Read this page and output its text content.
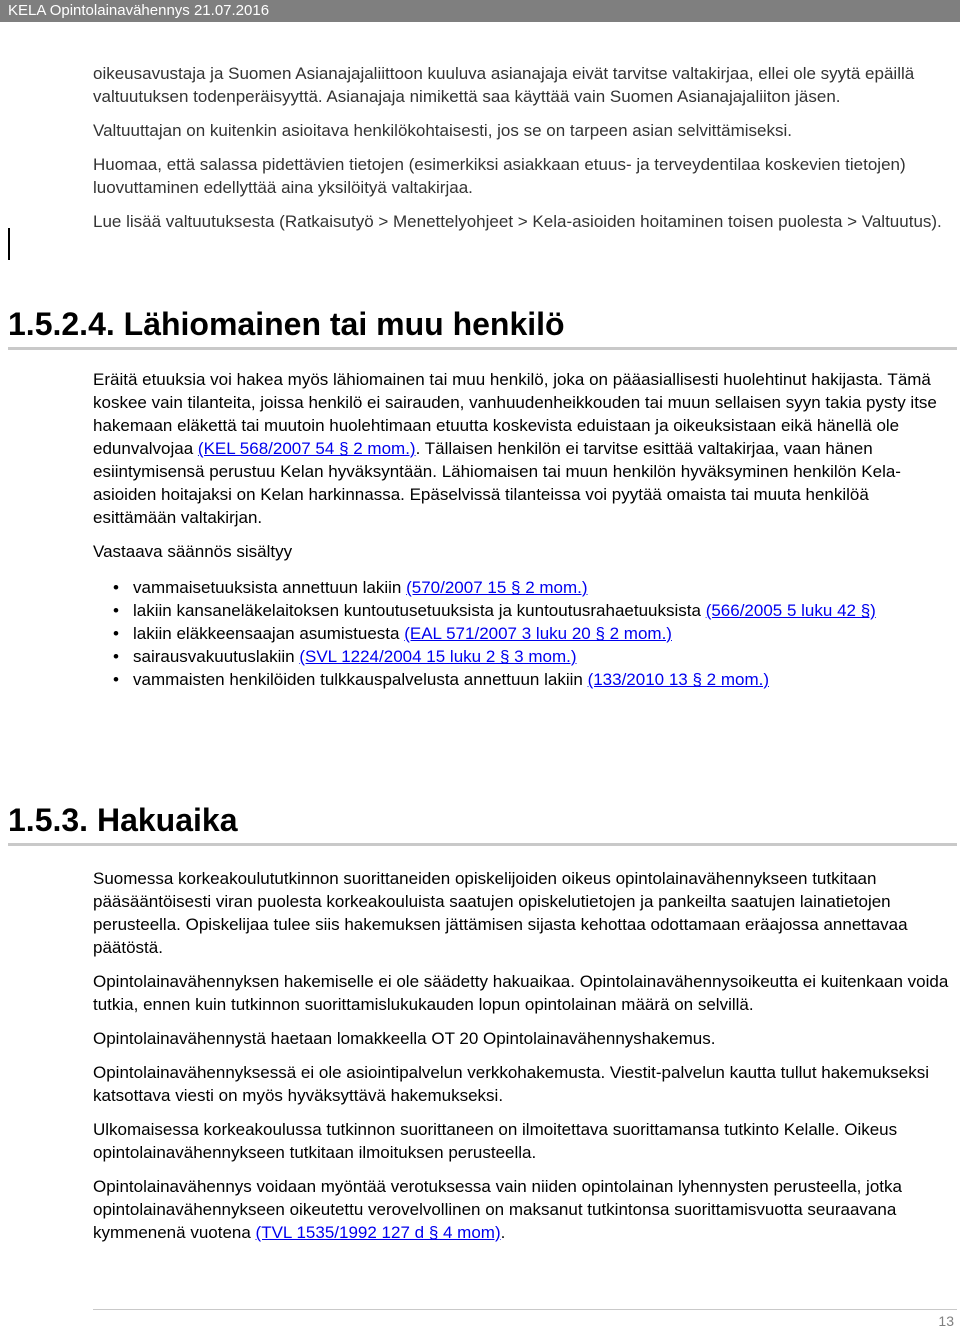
KELA Opintolainavähennys 21.07.2016

oikeusavustaja ja Suomen Asianajajaliittoon kuuluva asianajaja eivät tarvitse valtakirjaa, ellei ole syytä epäillä valtuutuksen todenperäisyyttä. Asianajaja nimikettä saa käyttää vain Suomen Asianajajaliiton jäsen.

Valtuuttajan on kuitenkin asioitava henkilökohtaisesti, jos se on tarpeen asian selvittämiseksi.

Huomaa, että salassa pidettävien tietojen (esimerkiksi asiakkaan etuus- ja terveydentilaa koskevien tietojen) luovuttaminen edellyttää aina yksilöityä valtakirjaa.

Lue lisää valtuutuksesta (Ratkaisutyö > Menettelyohjeet > Kela-asioiden hoitaminen toisen puolesta > Valtuutus).

1.5.2.4. Lähiomainen tai muu henkilö

Eräitä etuuksia voi hakea myös lähiomainen tai muu henkilö, joka on pääasiallisesti huolehtinut hakijasta. Tämä koskee vain tilanteita, joissa henkilö ei sairauden, vanhuudenheikkouden tai muun sellaisen syyn takia pysty itse hakemaan eläkettä tai muutoin huolehtimaan etuutta koskevista eduistaan ja oikeuksistaan eikä hänellä ole edunvalvojaa (KEL 568/2007 54 § 2 mom.). Tällaisen henkilön ei tarvitse esittää valtakirjaa, vaan hänen esiintymisensä perustuu Kelan hyväksyntään. Lähiomaisen tai muun henkilön hyväksyminen henkilön Kela-asioiden hoitajaksi on Kelan harkinnassa. Epäselvissä tilanteissa voi pyytää omaista tai muuta henkilöä esittämään valtakirjan.

Vastaava säännös sisältyy

• vammaisetuuksista annettuun lakiin (570/2007 15 § 2 mom.)
• lakiin kansaneläkelaitoksen kuntoutusetuuksista ja kuntoutusrahaetuuksista (566/2005 5 luku 42 §)
• lakiin eläkkeensaajan asumistuesta (EAL 571/2007 3 luku 20 § 2 mom.)
• sairausvakuutuslakiin (SVL 1224/2004 15 luku 2 § 3 mom.)
• vammaisten henkilöiden tulkkauspalvelusta annettuun lakiin (133/2010 13 § 2 mom.)
1.5.3. Hakuaika

Suomessa korkeakoulututkinnon suorittaneiden opiskelijoiden oikeus opintolainavähennykseen tutkitaan pääsääntöisesti viran puolesta korkeakouluista saatujen opiskelutietojen ja pankeilta saatujen lainatietojen perusteella. Opiskelijaa tulee siis hakemuksen jättämisen sijasta kehottaa odottamaan eräajossa annettavaa päätöstä.

Opintolainavähennyksen hakemiselle ei ole säädetty hakuaikaa. Opintolainavähennysoikeutta ei kuitenkaan voida tutkia, ennen kuin tutkinnon suorittamislukukauden lopun opintolainan määrä on selvillä.

Opintolainavähennystä haetaan lomakkeella OT 20 Opintolainavähennyshakemus.

Opintolainavähennyksessä ei ole asiointipalvelun verkkohakemusta. Viestit-palvelun kautta tullut hakemukseksi katsottava viesti on myös hyväksyttävä hakemukseksi.

Ulkomaisessa korkeakoulussa tutkinnon suorittaneen on ilmoitettava suorittamansa tutkinto Kelalle. Oikeus opintolainavähennykseen tutkitaan ilmoituksen perusteella.

Opintolainavähennys voidaan myöntää verotuksessa vain niiden opintolainan lyhennysten perusteella, jotka opintolainavähennykseen oikeutettu verovelvollinen on maksanut tutkintonsa suorittamisvuotta seuraavana kymmenenä vuotena (TVL 1535/1992 127 d § 4 mom).

13
